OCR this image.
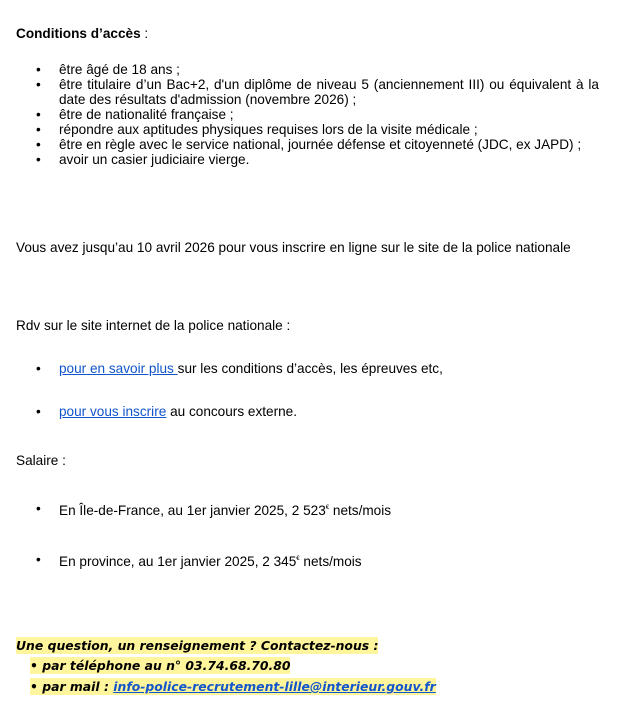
Conditions d’accès :
• être âgé de 18 ans ;
• être titulaire d’un Bac+2, d'un diplôme de niveau 5 (anciennement III) ou équivalent à la date des résultats d'admission (novembre 2026) ;
• être de nationalité française ;
• répondre aux aptitudes physiques requises lors de la visite médicale ;
• être en règle avec le service national, journée défense et citoyenneté (JDC, ex JAPD) ;
• avoir un casier judiciaire vierge.
Vous avez jusqu’au 10 avril 2026 pour vous inscrire en ligne sur le site de la police nationale
Rdv sur le site internet de la police nationale :
• pour en savoir plus sur les conditions d’accès, les épreuves etc,
• pour vous inscrire au concours externe.
Salaire :
• En Île-de-France, au 1er janvier 2025, 2 523€ nets/mois
• En province, au 1er janvier 2025, 2 345€ nets/mois
Une question, un renseignement ? Contactez-nous :
• par téléphone au n° 03.74.68.70.80
• par mail : info-police-recrutement-lille@interieur.gouv.fr
